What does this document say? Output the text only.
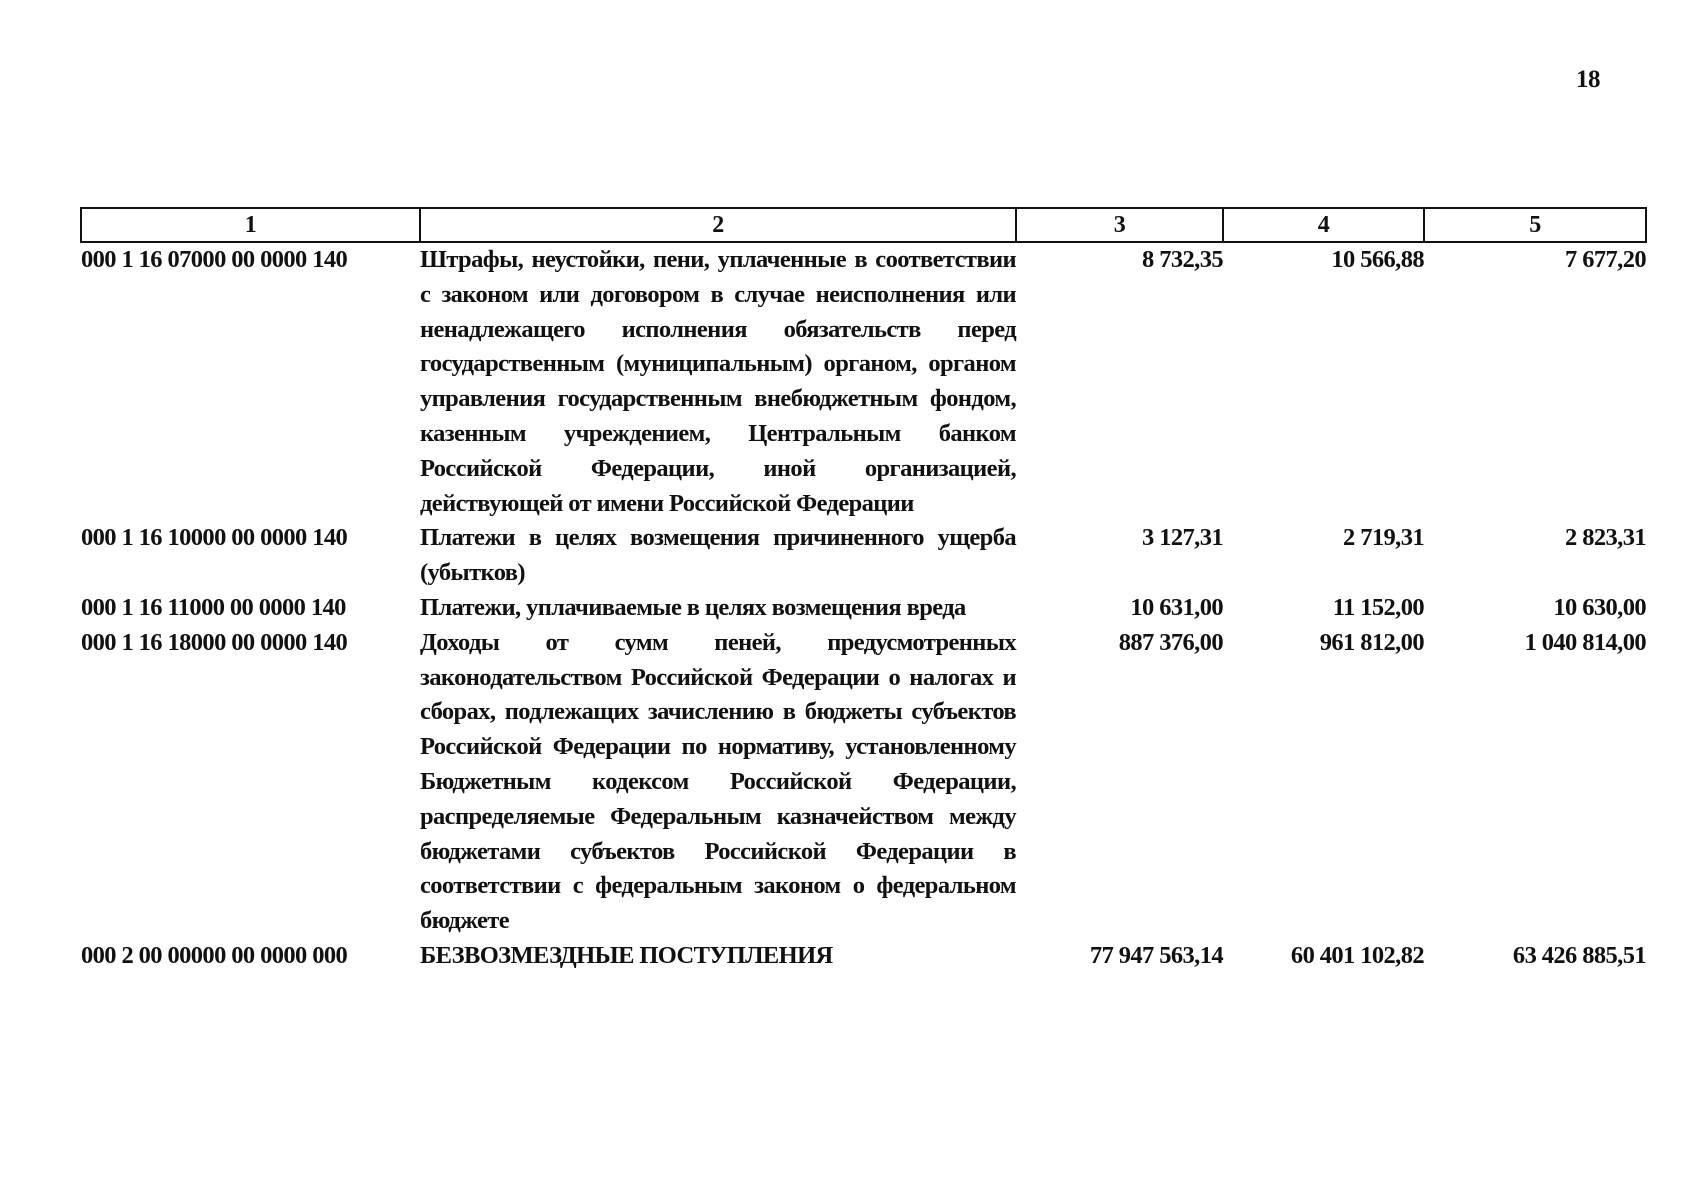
18
1	2	3	4	5
000 1 16 07000 00 0000 140	Штрафы, неустойки, пени, уплаченные в соответствии с законом или договором в случае неисполнения или ненадлежащего исполнения обязательств перед государственным (муниципальным) органом, органом управления государственным внебюджетным фондом, казенным учреждением, Центральным банком Российской Федерации, иной организацией, действующей от имени Российской Федерации	8 732,35	10 566,88	7 677,20
000 1 16 10000 00 0000 140	Платежи в целях возмещения причиненного ущерба (убытков)	3 127,31	2 719,31	2 823,31
000 1 16 11000 00 0000 140	Платежи, уплачиваемые в целях возмещения вреда	10 631,00	11 152,00	10 630,00
000 1 16 18000 00 0000 140	Доходы от сумм пеней, предусмотренных законодательством Российской Федерации о налогах и сборах, подлежащих зачислению в бюджеты субъектов Российской Федерации по нормативу, установленному Бюджетным кодексом Российской Федерации, распределяемые Федеральным казначейством между бюджетами субъектов Российской Федерации в соответствии с федеральным законом о федеральном бюджете	887 376,00	961 812,00	1 040 814,00
000 2 00 00000 00 0000 000	БЕЗВОЗМЕЗДНЫЕ ПОСТУПЛЕНИЯ	77 947 563,14	60 401 102,82	63 426 885,51
